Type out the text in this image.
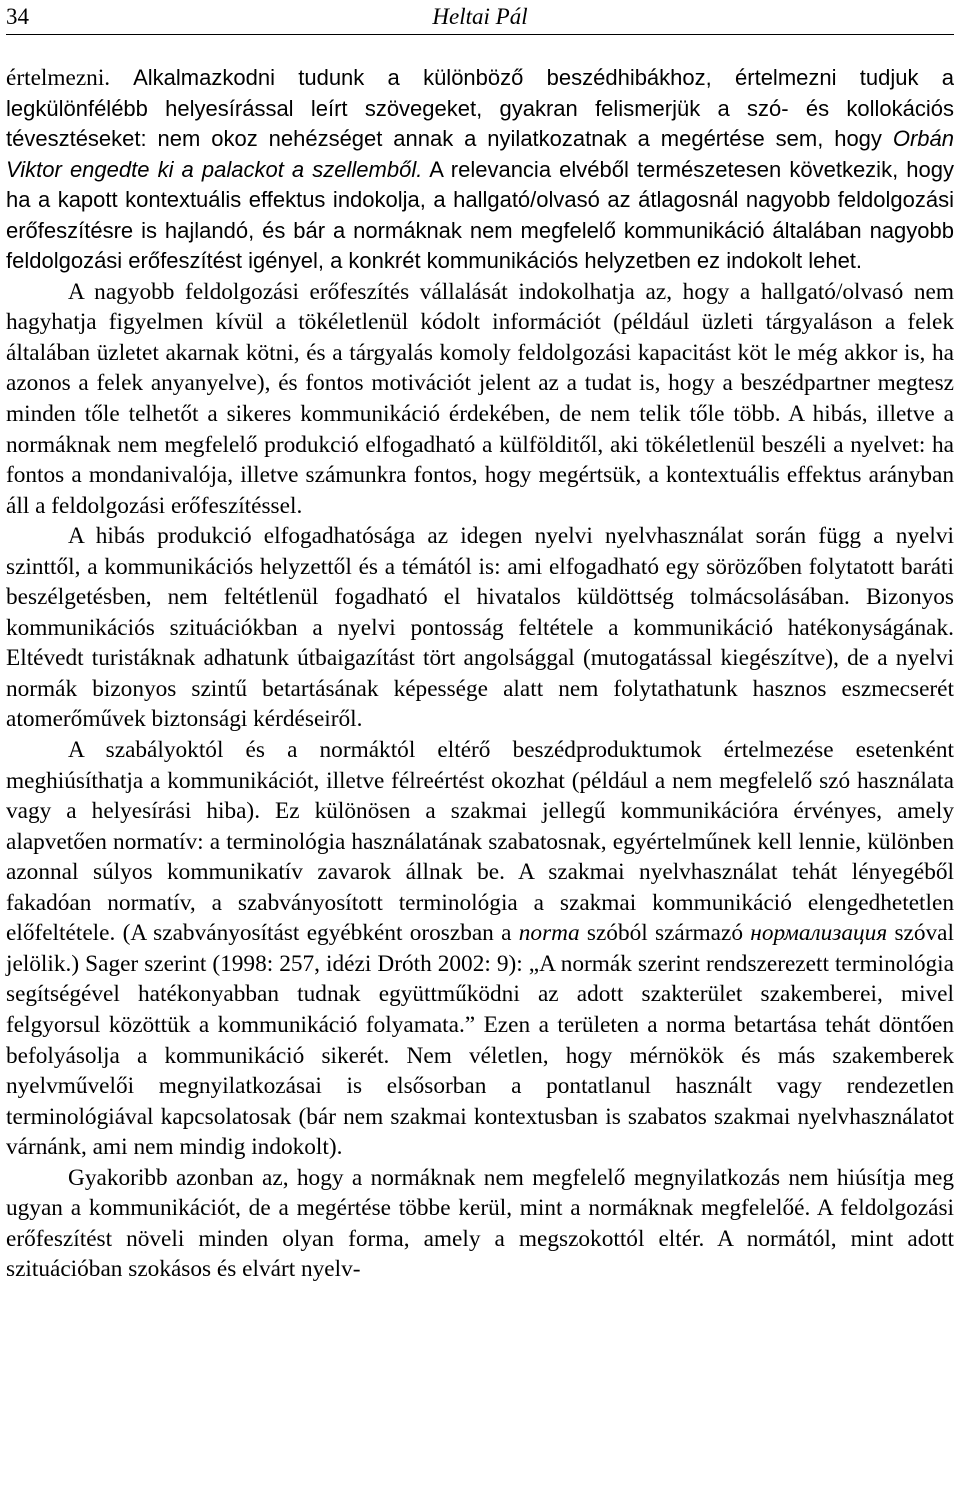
34	Heltai Pál

értelmezni. Alkalmazkodni tudunk a különböző beszédhibákhoz, értelmezni tudjuk a legkülönfélébb helyesírással leírt szövegeket, gyakran felismerjük a szó- és kollokációs tévesztéseket: nem okoz nehézséget annak a nyilatkozatnak a megértése sem, hogy Orbán Viktor engedte ki a palackot a szellemből. A relevancia elvéből természetesen következik, hogy ha a kapott kontextuális effektus indokolja, a hallgató/olvasó az átlagosnál nagyobb feldolgozási erőfeszítésre is hajlandó, és bár a normáknak nem megfelelő kommunikáció általában nagyobb feldolgozási erőfeszítést igényel, a konkrét kommunikációs helyzetben ez indokolt lehet.

A nagyobb feldolgozási erőfeszítés vállalását indokolhatja az, hogy a hallgató/olvasó nem hagyhatja figyelmen kívül a tökéletlenül kódolt információt (például üzleti tárgyaláson a felek általában üzletet akarnak kötni, és a tárgyalás komoly feldolgozási kapacitást köt le még akkor is, ha azonos a felek anyanyelve), és fontos motivációt jelent az a tudat is, hogy a beszédpartner megtesz minden tőle telhetőt a sikeres kommunikáció érdekében, de nem telik tőle több. A hibás, illetve a normáknak nem megfelelő produkció elfogadható a külfölditől, aki tökéletlenül beszéli a nyelvet: ha fontos a mondanivalója, illetve számunkra fontos, hogy megértsük, a kontextuális effektus arányban áll a feldolgozási erőfeszítéssel.

A hibás produkció elfogadhatósága az idegen nyelvi nyelvhasználat során függ a nyelvi szinttől, a kommunikációs helyzettől és a témától is: ami elfogadható egy sörözőben folytatott baráti beszélgetésben, nem feltétlenül fogadható el hivatalos küldöttség tolmácsolásában. Bizonyos kommunikációs szituációkban a nyelvi pontosság feltétele a kommunikáció hatékonyságának. Eltévedt turistáknak adhatunk útbaigazítást tört angolsággal (mutogatással kiegészítve), de a nyelvi normák bizonyos szintű betartásának képessége alatt nem folytathatunk hasznos eszmecserét atomerőművek biztonsági kérdéseiről.

A szabályoktól és a normáktól eltérő beszédproduktumok értelmezése esetenként meghiúsíthatja a kommunikációt, illetve félreértést okozhat (például a nem megfelelő szó használata vagy a helyesírási hiba). Ez különösen a szakmai jellegű kommunikációra érvényes, amely alapvetően normatív: a terminológia használatának szabatosnak, egyértelműnek kell lennie, különben azonnal súlyos kommunikatív zavarok állnak be. A szakmai nyelvhasználat tehát lényegéből fakadóan normatív, a szabványosított terminológia a szakmai kommunikáció elengedhetetlen előfeltétele. (A szabványosítást egyébként oroszban a norma szóból származó нормализация szóval jelölik.) Sager szerint (1998: 257, idézi Dróth 2002: 9): „A normák szerint rendszerezett terminológia segítségével hatékonyabban tudnak együttműködni az adott szakterület szakemberei, mivel felgyorsul közöttük a kommunikáció folyamata.” Ezen a területen a norma betartása tehát döntően befolyásolja a kommunikáció sikerét. Nem véletlen, hogy mérnökök és más szakemberek nyelvművelői megnyilatkozásai is elsősorban a pontatlanul használt vagy rendezetlen terminológiával kapcsolatosak (bár nem szakmai kontextusban is szabatos szakmai nyelvhasználatot várnánk, ami nem mindig indokolt).

Gyakoribb azonban az, hogy a normáknak nem megfelelő megnyilatkozás nem hiúsítja meg ugyan a kommunikációt, de a megértése többe kerül, mint a normáknak megfelelőé. A feldolgozási erőfeszítést növeli minden olyan forma, amely a megszokottól eltér. A normától, mint adott szituációban szokásos és elvárt nyelv-
